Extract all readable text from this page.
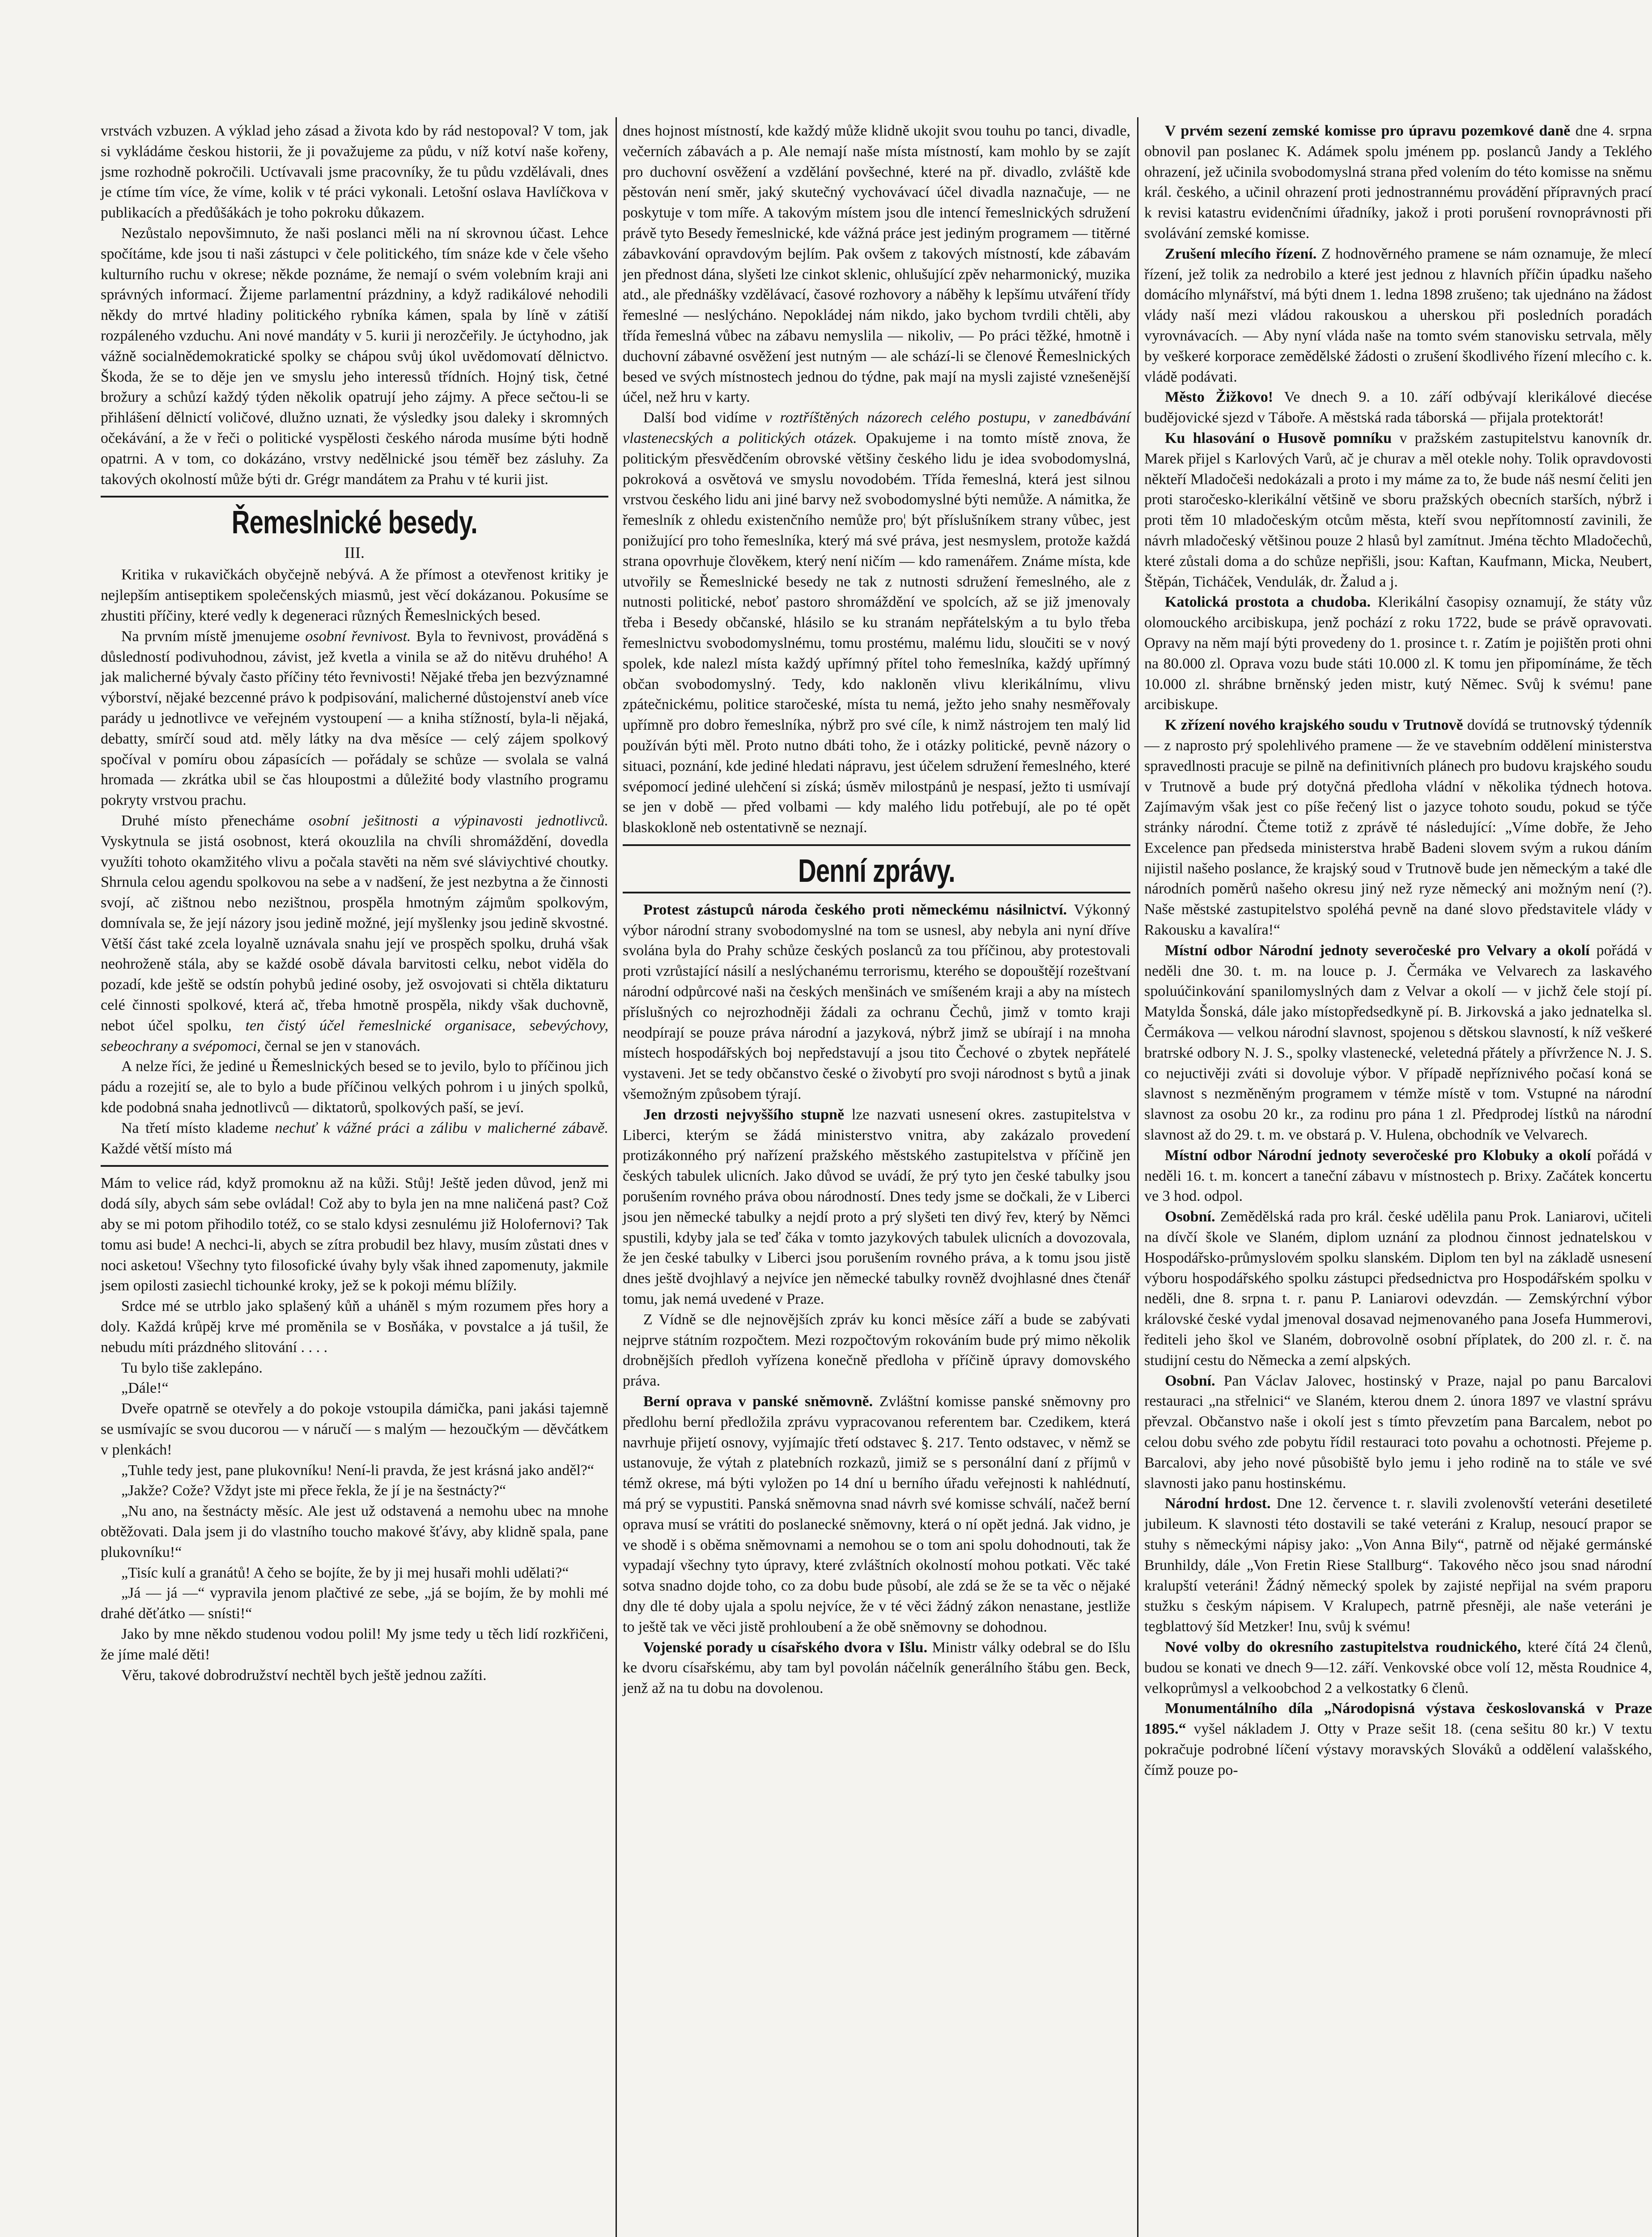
vrstvách vzbuzen. A výklad jeho zásad a života kdo by rád nestopoval? V tom, jak si vykládáme českou historii, že ji považujeme za půdu, v níž kotví naše kořeny, jsme rozhodně pokročili. Uctívavali jsme pracovníky, že tu půdu vzdělávali, dnes je ctíme tím více, že víme, kolik v té práci vykonali. Letošní oslava Havlíčkova v publikacích a předůšákách je toho pokroku důkazem.

Nezůstalo nepovšimnuto, že naši poslanci měli na ní skrovnou účast. Lehce spočítáme, kde jsou ti naši zástupci v čele politického, tím snáze kde v čele všeho kulturního ruchu v okrese; někde poznáme, že nemají o svém volebním kraji ani správných informací. Žijeme parlamentní prázdniny, a když radikálové nehodili někdy do mrtvé hladiny politického rybníka kámen, spala by líně v zátiší rozpáleného vzduchu. Ani nové mandáty v 5. kurii ji nerozčeřily. Je úctyhodno, jak vážně socialnědemokratické spolky se chápou svůj úkol uvědomovatí dělnictvo. Škoda, že se to děje jen ve smyslu jeho interessů třídních. Hojný tisk, četné brožury a schůzí každý týden několik opatrují jeho zájmy. A přece sečtou-li se přihlášení dělnictí voličové, dlužno uznati, že výsledky jsou daleky i skromných očekávání, a že v řeči o politické vyspělosti českého národa musíme býti hodně opatrni. A v tom, co dokázáno, vrstvy nedělnické jsou téměř bez zásluhy. Za takových okolností může býti dr. Grégr mandátem za Prahu v té kurii jist.

Řemeslnické besedy.
III.

Kritika v rukavičkách obyčejně nebývá. A že přímost a otevřenost kritiky je nejlepším antiseptikem společenských miasmů, jest věcí dokázanou. Pokusíme se zhustiti příčiny, které vedly k degeneraci různých Řemeslnických besed.

Na prvním místě jmenujeme osobní řevnivost. Byla to řevnivost, prováděná s důsledností podivuhodnou, závist, jež kvetla a vinila se až do nitěvu druhého! A jak malicherné bývaly často příčiny této řevnivosti! Nějaké třeba jen bezvýznamné výborství, nějaké bezcenné právo k podpisování, malicherné důstojenství aneb více parády u jednotlivce ve veřejném vystoupení — a kniha stížností, byla-li nějaká, debatty, smírčí soud atd. měly látky na dva měsíce — celý zájem spolkový spočíval v pomíru obou zápasících — pořádaly se schůze — svolala se valná hromada — zkrátka ubil se čas hloupostmi a důležité body vlastního programu pokryty vrstvou prachu.

Druhé místo přenecháme osobní ješitnosti a výpinavosti jednotlivců. Vyskytnula se jistá osobnost, která okouzlila na chvíli shromáždění, dovedla využíti tohoto okamžitého vlivu a počala stavěti na něm své sláviychtivé choutky. Shrnula celou agendu spolkovou na sebe a v nadšení, že jest nezbytna a že činnosti svojí, ač zištnou nebo nezištnou, prospěla hmotným zájmům spolkovým, domnívala se, že její názory jsou jedině možné, její myšlenky jsou jedině skvostné. Větší část také zcela loyalně uznávala snahu její ve prospěch spolku, druhá však neohroženě stála, aby se každé osobě dávala barvitosti celku, nebot viděla do pozadí, kde ještě se odstín pohybů jediné osoby, jež osvojovati si chtěla diktaturu celé činnosti spolkové, která ač, třeba hmotně prospěla, nikdy však duchovně, nebot účel spolku, ten čistý účel řemeslnické organisace, sebevýchovy, sebeochrany a svépomoci, černal se jen v stanovách.

A nelze říci, že jediné u Řemeslnických besed se to jevilo, bylo to příčinou jich pádu a rozejití se, ale to bylo a bude příčinou velkých pohrom i u jiných spolků, kde podobná snaha jednotlivců — diktatorů, spolkových paší, se jeví.

Na třetí místo klademe nechuť k vážné práci a zálibu v malicherné zábavě. Každé větší místo má

Mám to velice rád, když promoknu až na kůži. Stůj! Ještě jeden důvod, jenž mi dodá síly, abych sám sebe ovládal! Což aby to byla jen na mne naličená past? Což aby se mi potom přihodilo totéž, co se stalo kdysi zesnulému již Holofernovi? Tak tomu asi bude! A nechci-li, abych se zítra probudil bez hlavy, musím zůstati dnes v noci asketou! Všechny tyto filosofické úvahy byly však ihned zapomenuty, jakmile jsem opilosti zasiechl tichounké kroky, jež se k pokoji mému blížily.

Srdce mé se utrblo jako splašený kůň a uháněl s mým rozumem přes hory a doly. Každá krůpěj krve mé proměnila se v Bosňáka, v povstalce a já tušil, že nebudu míti prázdného slitování . . . .

Tu bylo tiše zaklepáno.

„Dále!“

Dveře opatrně se otevřely a do pokoje vstoupila dámička, pani jakási tajemně se usmívajíc se svou ducorou — v náručí — s malým — hezoučkým — děvčátkem v plenkách!

„Tuhle tedy jest, pane plukovníku! Není-li pravda, že jest krásná jako anděl?“

„Jakže? Cože? Vždyt jste mi přece řekla, že jí je na šestnácty?“

„Nu ano, na šestnácty měsíc. Ale jest už odstavená a nemohu ubec na mnohe obtěžovati. Dala jsem ji do vlastního toucho makové šťávy, aby klidně spala, pane plukovníku!“

„Tisíc kulí a granátů! A čeho se bojíte, že by ji mej husaři mohli udělati?“

„Já — já —“ vypravila jenom plačtivé ze sebe, „já se bojím, že by mohli mé drahé děťátko — snísti!“

Jako by mne někdo studenou vodou polil! My jsme tedy u těch lidí rozkřičeni, že jíme malé děti!

Věru, takové dobrodružství nechtěl bych ještě jednou zažíti.

dnes hojnost místností, kde každý může klidně ukojit svou touhu po tanci, divadle, večerních zábavách a p. Ale nemají naše místa místností, kam mohlo by se zajít pro duchovní osvěžení a vzdělání povšechné, které na př. divadlo, zvláště kde pěstován není směr, jaký skutečný vychovávací účel divadla naznačuje, — ne poskytuje v tom míře. A takovým místem jsou dle intencí řemeslnických sdružení právě tyto Besedy řemeslnické, kde vážná práce jest jediným programem — titěrné zábavkování opravdovým bejlím. Pak ovšem z takových místností, kde zábavám jen přednost dána, slyšeti lze cinkot sklenic, ohlušující zpěv neharmonický, muzika atd., ale přednášky vzdělávací, časové rozhovory a náběhy k lepšímu utváření třídy řemeslné — neslýcháno. Nepokládej nám nikdo, jako bychom tvrdili chtěli, aby třída řemeslná vůbec na zábavu nemyslila — nikoliv, — Po práci těžké, hmotně i duchovní zábavné osvěžení jest nutným — ale schází-li se členové Řemeslnických besed ve svých místnostech jednou do týdne, pak mají na mysli zajisté vznešenější účel, než hru v karty.

Další bod vidíme v roztříštěných názorech celého postupu, v zanedbávání vlastenecských a politických otázek. Opakujeme i na tomto místě znova, že politickým přesvědčením obrovské většiny českého lidu je idea svobodomyslná, pokroková a osvětová ve smyslu novodobém. Třída řemeslná, která jest silnou vrstvou českého lidu ani jiné barvy než svobodomyslné býti nemůže. A námitka, že řemeslník z ohledu existenčního nemůže pro¦ být příslušníkem strany vůbec, jest ponižující pro toho řemeslníka, který má své práva, jest nesmyslem, protože každá strana opovrhuje člověkem, který není ničím — kdo ramenářem. Známe místa, kde utvořily se Řemeslnické besedy ne tak z nutnosti sdružení řemeslného, ale z nutnosti politické, neboť pastoro shromáždění ve spolcích, až se již jmenovaly třeba i Besedy občanské, hlásilo se ku stranám nepřátelským a tu bylo třeba řemeslnictvu svobodomyslnému, tomu prostému, malému lidu, sloučiti se v nový spolek, kde nalezl místa každý upřímný přítel toho řemeslníka, každý upřímný občan svobodomyslný. Tedy, kdo nakloněn vlivu klerikálnímu, vlivu zpátečnickému, politice staročeské, místa tu nemá, ježto jeho snahy nesměřovaly upřímně pro dobro řemeslníka, nýbrž pro své cíle, k nimž nástrojem ten malý lid používán býti měl. Proto nutno dbáti toho, že i otázky politické, pevně názory o situaci, poznání, kde jediné hledati nápravu, jest účelem sdružení řemeslného, které svépomocí jediné ulehčení si získá; úsměv milostpánů je nespasí, ježto ti usmívají se jen v době — před volbami — kdy malého lidu potřebují, ale po té opět blaskokloně neb ostentativně se neznají.

Denní zprávy.

Protest zástupců národa českého proti německému násilnictví. Výkonný výbor národní strany svobodomyslné na tom se usnesl, aby nebyla ani nyní dříve svolána byla do Prahy schůze českých poslanců za tou příčinou, aby protestovali proti vzrůstající násilí a neslýchanému terrorismu, kterého se dopouštějí rozeštvaní národní odpůrcové naši na českých menšinách ve smíšeném kraji a aby na místech příslušných co nejrozhodněji žádali za ochranu Čechů, jimž v tomto kraji neodpírají se pouze práva národní a jazyková, nýbrž jimž se ubírají i na mnoha místech hospodářských boj nepředstavují a jsou tito Čechové o zbytek nepřátelé vystaveni. Jet se tedy občanstvo české o živobytí pro svoji národnost s bytů a jinak všemožným způsobem týrají.

Jen drzosti nejvyššího stupně lze nazvati usnesení okres. zastupitelstva v Liberci, kterým se žádá ministerstvo vnitra, aby zakázalo provedení protizákonného prý nařízení pražského městského zastupitelstva v příčině jen českých tabulek ulicních. Jako důvod se uvádí, že prý tyto jen české tabulky jsou porušením rovného práva obou národností. Dnes tedy jsme se dočkali, že v Liberci jsou jen německé tabulky a nejdí proto a prý slyšeti ten divý řev, který by Němci spustili, kdyby jala se teď čáka v tomto jazykových tabulek ulicních a dovozovala, že jen české tabulky v Liberci jsou porušením rovného práva, a k tomu jsou jistě dnes ještě dvojhlavý a nejvíce jen německé tabulky rovněž dvojhlasné dnes čtenář tomu, jak nemá uvedené v Praze.

Z Vídně se dle nejnovějších zpráv ku konci měsíce září a bude se zabývati nejprve státním rozpočtem. Mezi rozpočtovým rokováním bude prý mimo několik drobnějších předloh vyřízena konečně předloha v příčině úpravy domovského práva.

Berní oprava v panské sněmovně. Zvláštní komisse panské sněmovny pro předlohu berní předložila zprávu vypracovanou referentem bar. Czedikem, která navrhuje přijetí osnovy, vyjímajíc třetí odstavec §. 217. Tento odstavec, v němž se ustanovuje, že výtah z platebních rozkazů, jimiž se s personální daní z příjmů v témž okrese, má býti vyložen po 14 dní u berního úřadu veřejnosti k nahlédnutí, má prý se vypustiti. Panská sněmovna snad návrh své komisse schválí, načež berní oprava musí se vrátiti do poslanecké sněmovny, která o ní opět jedná. Jak vidno, je ve shodě i s oběma sněmovnami a nemohou se o tom ani spolu dohodnouti, tak že vypadají všechny tyto úpravy, které zvláštních okolností mohou potkati. Věc také sotva snadno dojde toho, co za dobu bude působí, ale zdá se že se ta věc o nějaké dny dle té doby ujala a spolu nejvíce, že v té věci žádný zákon nenastane, jestliže to ještě tak ve věci jistě prohloubení a že obě sněmovny se dohodnou.

Vojenské porady u císařského dvora v Išlu. Ministr války odebral se do Išlu ke dvoru císařskému, aby tam byl povolán náčelník generálního štábu gen. Beck, jenž až na tu dobu na dovolenou.

V prvém sezení zemské komisse pro úpravu pozemkové daně dne 4. srpna obnovil pan poslanec K. Adámek spolu jménem pp. poslanců Jandy a Teklého ohrazení, jež učinila svobodomyslná strana před volením do této komisse na sněmu král. českého, a učinil ohrazení proti jednostrannému provádění přípravných prací k revisi katastru evidenčními úřadníky, jakož i proti porušení rovnoprávnosti při svolávání zemské komisse.

Zrušení mlecího řízení. Z hodnověrného pramene se nám oznamuje, že mlecí řízení, jež tolik za nedrobilo a které jest jednou z hlavních příčin úpadku našeho domácího mlynářství, má býti dnem 1. ledna 1898 zrušeno; tak ujednáno na žádost vlády naší mezi vládou rakouskou a uherskou při posledních poradách vyrovnávacích. — Aby nyní vláda naše na tomto svém stanovisku setrvala, měly by veškeré korporace zemědělské žádosti o zrušení škodlivého řízení mlecího c. k. vládě podávati.

Město Žižkovo! Ve dnech 9. a 10. září odbývají klerikálové diecése budějovické sjezd v Táboře. A městská rada táborská — přijala protektorát!

Ku hlasování o Husově pomníku v pražském zastupitelstvu kanovník dr. Marek přijel s Karlových Varů, ač je churav a měl otekle nohy. Tolik opravdovosti někteří Mladočeši nedokázali a proto i my máme za to, že bude náš nesmí čeliti jen proti staročesko-klerikální většině ve sboru pražských obecních starších, nýbrž i proti těm 10 mladočeským otcům města, kteří svou nepřítomností zavinili, že návrh mladočeský většinou pouze 2 hlasů byl zamítnut. Jména těchto Mladočechů, které zůstali doma a do schůze nepřišli, jsou: Kaftan, Kaufmann, Micka, Neubert, Štěpán, Ticháček, Vendulák, dr. Žalud a j.

Katolická prostota a chudoba. Klerikální časopisy oznamují, že státy vůz olomouckého arcibiskupa, jenž pochází z roku 1722, bude se právě opravovati. Opravy na něm mají býti provedeny do 1. prosince t. r. Zatím je pojištěn proti ohni na 80.000 zl. Oprava vozu bude státi 10.000 zl. K tomu jen připomínáme, že těch 10.000 zl. shrábne brněnský jeden mistr, kutý Němec. Svůj k svému! pane arcibiskupe.

K zřízení nového krajského soudu v Trutnově dovídá se trutnovský týdenník — z naprosto prý spolehlivého pramene — že ve stavebním oddělení ministerstva spravedlnosti pracuje se pilně na definitivních plánech pro budovu krajského soudu v Trutnově a bude prý dotyčná předloha vládní v několika týdnech hotova. Zajímavým však jest co píše řečený list o jazyce tohoto soudu, pokud se týče stránky národní. Čteme totiž z zprávě té následující: „Víme dobře, že Jeho Excelence pan předseda ministerstva hrabě Badeni slovem svým a rukou dáním nijistil našeho poslance, že krajský soud v Trutnově bude jen německým a také dle národních poměrů našeho okresu jiný než ryze německý ani možným není (?). Naše městské zastupitelstvo spoléhá pevně na dané slovo představitele vlády v Rakousku a kavalíra!“

Místní odbor Národní jednoty severočeské pro Velvary a okolí pořádá v neděli dne 30. t. m. na louce p. J. Čermáka ve Velvarech za laskavého spoluúčinkování spanilomyslných dam z Velvar a okolí — v jichž čele stojí pí. Matylda Šonská, dále jako místopředsedkyně pí. B. Jirkovská a jako jednatelka sl. Čermákova — velkou národní slavnost, spojenou s dětskou slavností, k níž veškeré bratrské odbory N. J. S., spolky vlastenecké, veletedná přátely a přívržence N. J. S. co nejuctivěji zváti si dovoluje výbor. V případě nepříznivého počasí koná se slavnost s nezměněným programem v témže místě v tom. Vstupné na národní slavnost za osobu 20 kr., za rodinu pro pána 1 zl. Předprodej lístků na národní slavnost až do 29. t. m. ve obstará p. V. Hulena, obchodník ve Velvarech.

Místní odbor Národní jednoty severočeské pro Klobuky a okolí pořádá v neděli 16. t. m. koncert a taneční zábavu v místnostech p. Brixy. Začátek koncertu ve 3 hod. odpol.

Osobní. Zemědělská rada pro král. české udělila panu Prok. Laniarovi, učiteli na dívčí škole ve Slaném, diplom uznání za plodnou činnost jednatelskou v Hospodářsko-průmyslovém spolku slanském. Diplom ten byl na základě usnesení výboru hospodářského spolku zástupci předsednictva pro Hospodářském spolku v neděli, dne 8. srpna t. r. panu P. Laniarovi odevzdán. — Zemskýrchní výbor královské české vydal jmenoval dosavad nejmenovaného pana Josefa Hummerovi, řediteli jeho škol ve Slaném, dobrovolně osobní příplatek, do 200 zl. r. č. na studijní cestu do Německa a zemí alpských.

Osobní. Pan Václav Jalovec, hostinský v Praze, najal po panu Barcalovi restauraci „na střelnici“ ve Slaném, kterou dnem 2. února 1897 ve vlastní správu převzal. Občanstvo naše i okolí jest s tímto převzetím pana Barcalem, nebot po celou dobu svého zde pobytu řídil restauraci toto povahu a ochotnosti. Přejeme p. Barcalovi, aby jeho nové působiště bylo jemu i jeho rodině na to stále ve své slavnosti jako panu hostinskému.

Národní hrdost. Dne 12. července t. r. slavili zvolenovští veteráni desetileté jubileum. K slavnosti této dostavili se také veteráni z Kralup, nesoucí prapor se stuhy s německými nápisy jako: „Von Anna Bily“, patrně od nějaké germánské Brunhildy, dále „Von Fretin Riese Stallburg“. Takového něco jsou snad národní kralupští veteráni! Žádný německý spolek by zajisté nepřijal na svém praporu stužku s českým nápisem. V Kralupech, patrně přesněji, ale naše veteráni je tegblattový šíd Metzker! Inu, svůj k svému!

Nové volby do okresního zastupitelstva roudnického, které čítá 24 členů, budou se konati ve dnech 9—12. září. Venkovské obce volí 12, města Roudnice 4, velkoprůmysl a velkoobchod 2 a velkostatky 6 členů.

Monumentálního díla „Národopisná výstava českoslovanská v Praze 1895.“ vyšel nákladem J. Otty v Praze sešit 18. (cena sešitu 80 kr.) V textu pokračuje podrobné líčení výstavy moravských Slováků a oddělení valašského, čímž pouze po-
